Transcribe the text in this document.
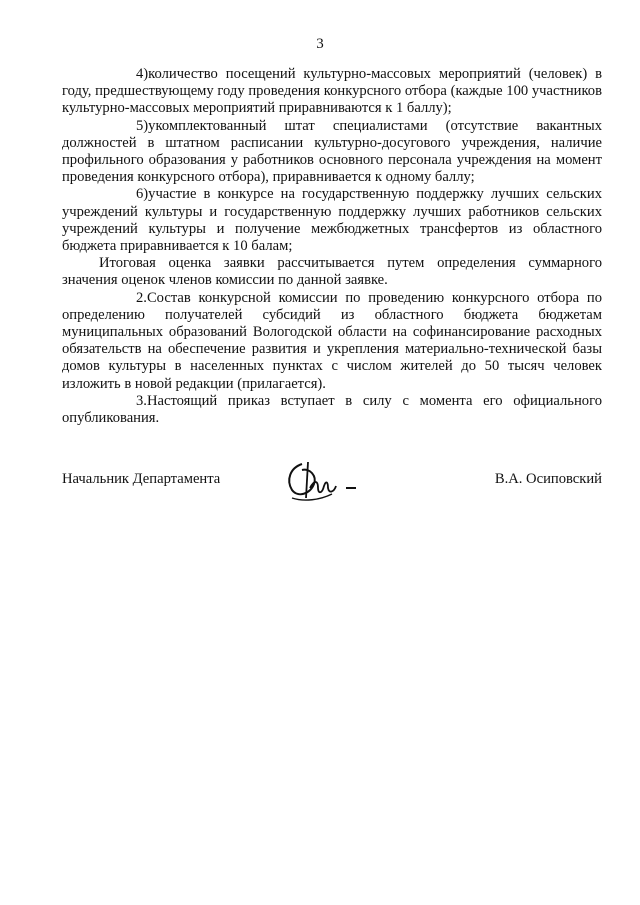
3

4)количество посещений культурно-массовых мероприятий (человек) в году, предшествующему году проведения конкурсного отбора (каждые 100 участников культурно-массовых мероприятий приравниваются к 1 баллу);

5)укомплектованный штат специалистами (отсутствие вакантных должностей в штатном расписании культурно-досугового учреждения, наличие профильного образования у работников основного персонала учреждения на момент проведения конкурсного отбора), приравнивается к одному баллу;

6)участие в конкурсе на государственную поддержку лучших сельских учреждений культуры и государственную поддержку лучших работников сельских учреждений культуры и получение межбюджетных трансфертов из областного бюджета приравнивается к 10 балам;

Итоговая оценка заявки рассчитывается путем определения суммарного значения оценок членов комиссии по данной заявке.

2.Состав конкурсной комиссии по проведению конкурсного отбора по определению получателей субсидий из областного бюджета бюджетам муниципальных образований Вологодской области на софинансирование расходных обязательств на обеспечение развития и укрепления материально-технической базы домов культуры в населенных пунктах с числом жителей до 50 тысяч человек изложить в новой редакции (прилагается).

3.Настоящий приказ вступает в силу с момента его официального опубликования.

Начальник Департамента	В.А. Осиповский
